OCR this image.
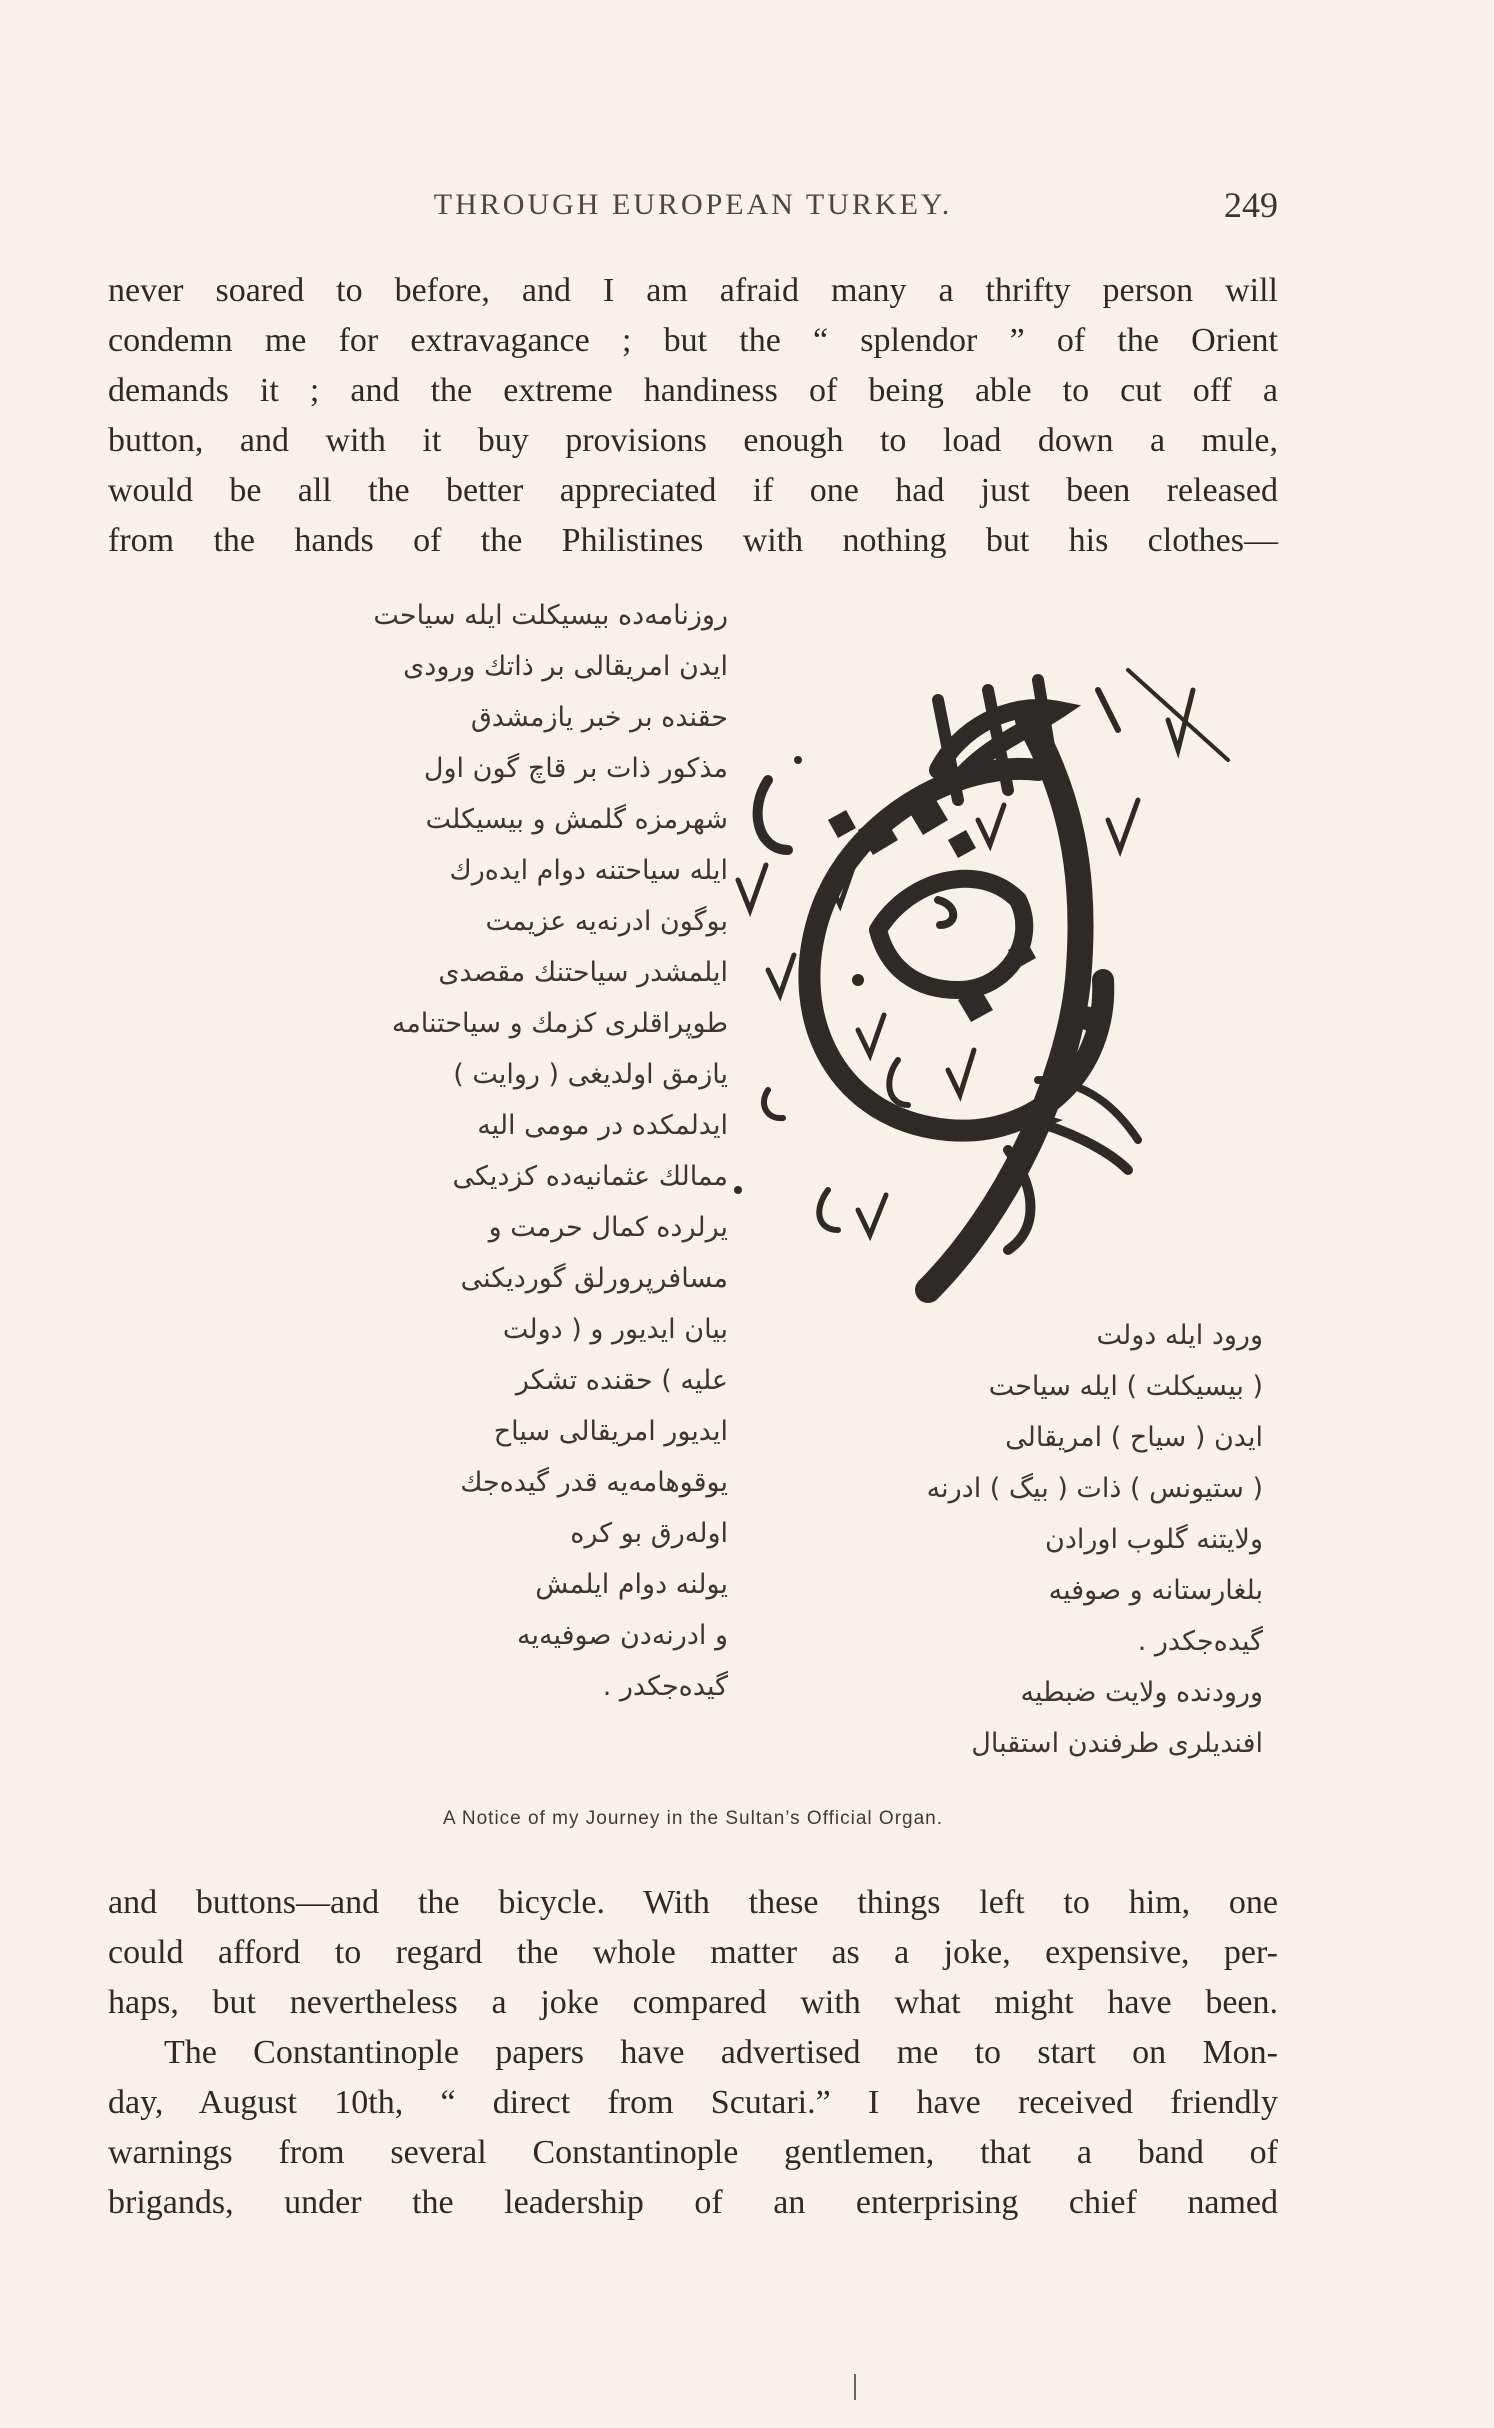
THROUGH EUROPEAN TURKEY.	249
never soared to before, and I am afraid many a thrifty person will
condemn me for extravagance ; but the “ splendor ” of the Orient
demands it ; and the extreme handiness of being able to cut off a
button, and with it buy provisions enough to load down a mule,
would be all the better appreciated if one had just been released
from the hands of the Philistines with nothing but his clothes—
روزنامه‌ده بیسیکلت ایله سیاحت
ایدن امریقالی بر ذاتك ورودی
حقنده بر خبر یازمشدق
مذکور ذات بر قاچ گون اول
شهرمزه گلمش و بیسیکلت
ایله سیاحتنه دوام ایده‌رك
بوگون ادرنه‌یه عزیمت
ایلمشدر سیاحتنك مقصدی
طوپراقلری کزمك و سیاحتنامه
یازمق اولدیغی ( روایت )
ایدلمکده در مومی الیه
ممالك عثمانیه‌ده کزدیکی
یرلرده کمال حرمت و
مسافرپرورلق گوردیکنی
بیان ایدیور و ( دولت
علیه ) حقنده تشکر
ایدیور امریقالی سیاح
یوقوهامه‌یه قدر گیده‌جك
اوله‌رق بو کره
یولنه دوام ایلمش
و ادرنه‌دن صوفیه‌یه
گیده‌جکدر .
ورود ایله دولت
( بیسیکلت ) ایله سیاحت
ایدن ( سیاح ) امریقالی
( ستیونس ) ذات ( بیگ ) ادرنه
ولایتنه گلوب اورادن
بلغارستانه و صوفیه
گیده‌جکدر .
ورودنده ولایت ضبطیه
افندیلری طرفندن استقبال
A Notice of my Journey in the Sultan’s Official Organ.
and buttons—and the bicycle. With these things left to him, one
could afford to regard the whole matter as a joke, expensive, per-
haps, but nevertheless a joke compared with what might have been.
The Constantinople papers have advertised me to start on Mon-
day, August 10th, “ direct from Scutari.” I have received friendly
warnings from several Constantinople gentlemen, that a band of
brigands, under the leadership of an enterprising chief named
